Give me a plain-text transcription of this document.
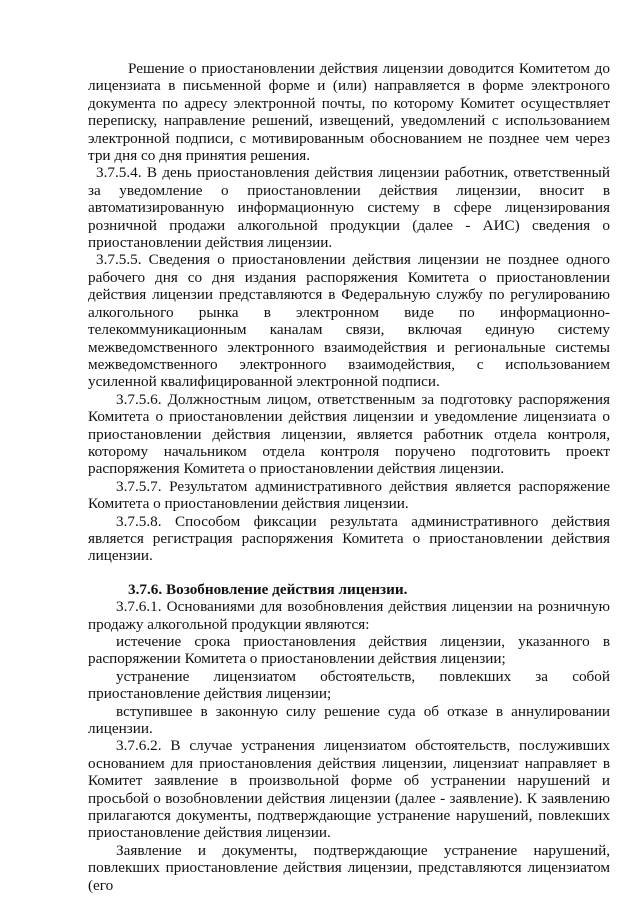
Решение о приостановлении действия лицензии доводится Комитетом до лицензиата в письменной форме и (или) направляется в форме электроного документа по адресу электронной почты, по которому Комитет осуществляет переписку, направление решений, извещений, уведомлений с использованием электронной подписи, с мотивированным обоснованием не позднее чем через три дня со дня принятия решения.

3.7.5.4. В день приостановления действия лицензии работник, ответственный за уведомление о приостановлении действия лицензии, вносит в автоматизированную информационную систему в сфере лицензирования розничной продажи алкогольной продукции (далее - АИС) сведения о приостановлении действия лицензии.

3.7.5.5. Сведения о приостановлении действия лицензии не позднее одного рабочего дня со дня издания распоряжения Комитета о приостановлении действия лицензии представляются в Федеральную службу по регулированию алкогольного рынка в электронном виде по информационно-телекоммуникационным каналам связи, включая единую систему межведомственного электронного взаимодействия и региональные системы межведомственного электронного взаимодействия, с использованием усиленной квалифицированной электронной подписи.

3.7.5.6. Должностным лицом, ответственным за подготовку распоряжения Комитета о приостановлении действия лицензии и уведомление лицензиата о приостановлении действия лицензии, является работник отдела контроля, которому начальником отдела контроля поручено подготовить проект распоряжения Комитета о приостановлении действия лицензии.

3.7.5.7. Результатом административного действия является распоряжение Комитета о приостановлении действия лицензии.

3.7.5.8. Способом фиксации результата административного действия является регистрация распоряжения Комитета о приостановлении действия лицензии.

3.7.6. Возобновление действия лицензии.

3.7.6.1. Основаниями для возобновления действия лицензии на розничную продажу алкогольной продукции являются:

истечение срока приостановления действия лицензии, указанного в распоряжении Комитета о приостановлении действия лицензии;

устранение лицензиатом обстоятельств, повлекших за собой приостановление действия лицензии;

вступившее в законную силу решение суда об отказе в аннулировании лицензии.

3.7.6.2. В случае устранения лицензиатом обстоятельств, послуживших основанием для приостановления действия лицензии, лицензиат направляет в Комитет заявление в произвольной форме об устранении нарушений и просьбой о возобновлении действия лицензии (далее - заявление). К заявлению прилагаются документы, подтверждающие устранение нарушений, повлекших приостановление действия лицензии.

Заявление и документы, подтверждающие устранение нарушений, повлекших приостановление действия лицензии, представляются лицензиатом (его
